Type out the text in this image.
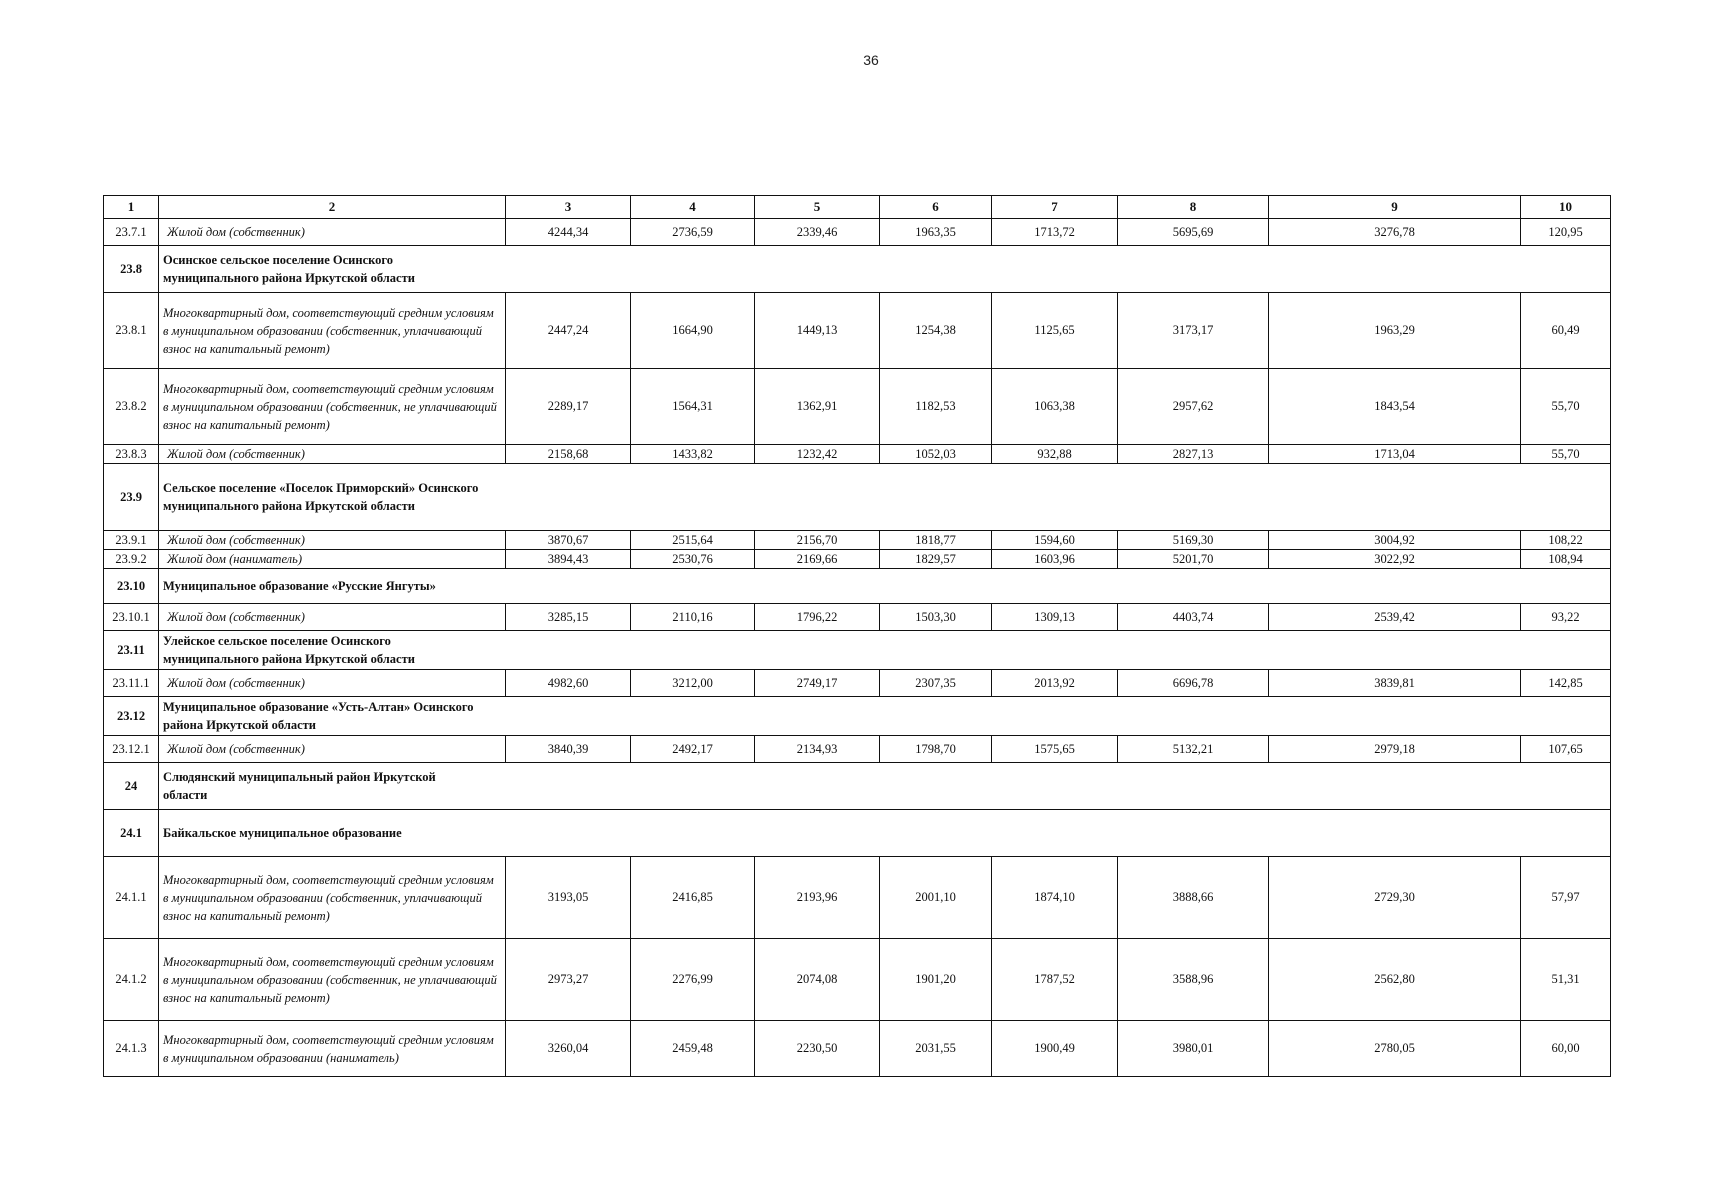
36
1	2	3	4	5	6	7	8	9	10
23.7.1	Жилой дом (собственник)	4244,34	2736,59	2339,46	1963,35	1713,72	5695,69	3276,78	120,95
23.8	Осинское сельское поселение Осинского муниципального района Иркутской области								

23.8.1	Многоквартирный дом, соответствующий средним условиям в муниципальном образовании (собственник, уплачивающий взнос на капитальный ремонт)	2447,24	1664,90	1449,13	1254,38	1125,65	3173,17	1963,29	60,49
23.8.2	Многоквартирный дом, соответствующий средним условиям в муниципальном образовании (собственник, не уплачивающий взнос на капитальный ремонт)	2289,17	1564,31	1362,91	1182,53	1063,38	2957,62	1843,54	55,70
23.8.3	Жилой дом (собственник)	2158,68	1433,82	1232,42	1052,03	932,88	2827,13	1713,04	55,70
23.9	Сельское поселение «Поселок Приморский» Осинского муниципального района Иркутской области								

23.9.1	Жилой дом (собственник)	3870,67	2515,64	2156,70	1818,77	1594,60	5169,30	3004,92	108,22
23.9.2	Жилой дом (наниматель)	3894,43	2530,76	2169,66	1829,57	1603,96	5201,70	3022,92	108,94
23.10	Муниципальное образование «Русские Янгуты»								
23.10.1	Жилой дом (собственник)	3285,15	2110,16	1796,22	1503,30	1309,13	4403,74	2539,42	93,22
23.11	Улейское сельское поселение Осинского муниципального района Иркутской области								

23.11.1	Жилой дом (собственник)	4982,60	3212,00	2749,17	2307,35	2013,92	6696,78	3839,81	142,85
23.12	Муниципальное образование «Усть-Алтан» Осинского района Иркутской области								

23.12.1	Жилой дом (собственник)	3840,39	2492,17	2134,93	1798,70	1575,65	5132,21	2979,18	107,65
24	Слюдянский муниципальный район Иркутской области								

24.1	Байкальское муниципальное образование								
24.1.1	Многоквартирный дом, соответствующий средним условиям в муниципальном образовании (собственник, уплачивающий взнос на капитальный ремонт)	3193,05	2416,85	2193,96	2001,10	1874,10	3888,66	2729,30	57,97
24.1.2	Многоквартирный дом, соответствующий средним условиям в муниципальном образовании (собственник, не уплачивающий взнос на капитальный ремонт)	2973,27	2276,99	2074,08	1901,20	1787,52	3588,96	2562,80	51,31
24.1.3	Многоквартирный дом, соответствующий средним условиям в муниципальном образовании (наниматель)	3260,04	2459,48	2230,50	2031,55	1900,49	3980,01	2780,05	60,00
